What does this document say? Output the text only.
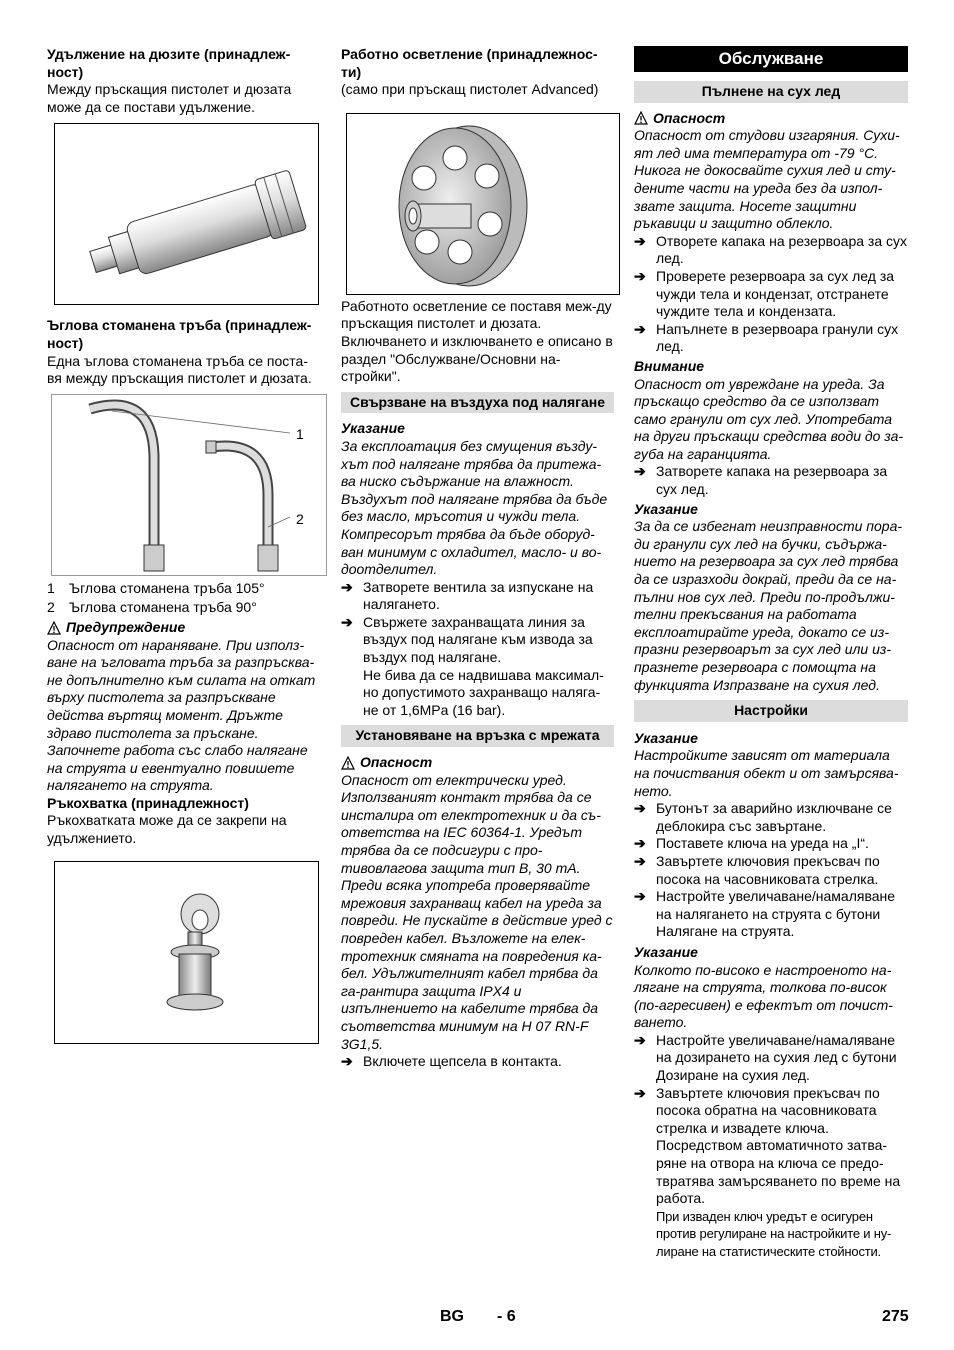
Удължение на дюзите (принадлеж-ност)

Между пръскащия пистолет и дюзата може да се постави удължение.

Ъглова стоманена тръба (принадлеж-ност)

Една ъглова стоманена тръба се поста-вя между пръскащия пистолет и дюзата.

1
2
1	Ъглова стоманена тръба 105°
2	Ъглова стоманена тръба 90°
Предупреждение

Опасност от нараняване. При използ-ване на ъгловата тръба за разпръсква-не допълнително към силата на откат върху пистолета за разпръскване действа въртящ момент. Дръжте здраво пистолета за пръскане. Започнете работа със слабо налягане на струята и евентуално повишете налягането на струята.

Ръкохватка (принадлежност)

Ръкохватката може да се закрепи на удължението.

Работно осветление (принадлежнос-ти)

(само при пръскащ пистолет Advanced)

Работното осветление се поставя меж-ду пръскащия пистолет и дюзата. Включването и изключването е описано в раздел "Обслужване/Основни на-стройки".

Свързване на въздуха под налягане

Указание

За експлоатация без смущения възду-хът под налягане трябва да притежа-ва ниско съдържание на влажност. Въздухът под налягане трябва да бъде без масло, мръсотия и чужди тела. Компресорът трябва да бъде оборуд-ван минимум с охладител, масло- и во-доотделител.

➔ Затворете вентила за изпускане на налягането.
➔ Свържете захранващата линия за въздух под налягане към извода за въздух под налягане.

Не бива да се надвишава максимал-но допустимото захранващо наляга-не от 1,6MPa (16 bar).

Установяване на връзка с мрежата

Опасност

Опасност от електрически уред. Използваният контакт трябва да се инсталира от електротехник и да съ-ответства на IEC 60364-1. Уредът трябва да се подсигури с про-тивовлагова защита тип B, 30 mA. Преди всяка употреба проверявайте мрежовия захранващ кабел на уреда за повреди. Не пускайте в действие уред с повреден кабел. Възложете на елек-тротехник смяната на повредения ка-бел. Удължителният кабел трябва да га-рантира защита IPX4 и изпълнението на кабелите трябва да съответства минимум на H 07 RN-F 3G1,5.

➔ Включете щепсела в контакта.
Обслужване

Пълнене на сух лед

Опасност

Опасност от студови изгаряния. Сухи-ят лед има температура от -79 °C. Никога не докосвайте сухия лед и сту-дените части на уреда без да изпол-звате защита. Носете защитни ръкавици и защитно облекло.

➔ Отворете капака на резервоара за сух лед.
➔ Проверете резервоара за сух лед за чужди тела и кондензат, отстранете чуждите тела и кондензата.
➔ Напълнете в резервоара гранули сух лед.
Внимание

Опасност от увреждане на уреда. За пръскащо средство да се използват само гранули от сух лед. Употребата на други пръскащи средства води до за-губа на гаранцията.

➔ Затворете капака на резервоара за сух лед.
Указание

За да се избегнат неизправности пора-ди гранули сух лед на бучки, съдържа-нието на резервоара за сух лед трябва да се изразходи докрай, преди да се на-пълни нов сух лед. Преди по-продължи-телни прекъсвания на работата експлоатирайте уреда, докато се из-празни резервоарът за сух лед или из-празнете резервоара с помощта на функцията Изпразване на сухия лед.

Настройки

Указание

Настройките зависят от материала на почиствания обект и от замърсява-нето.

➔ Бутонът за аварийно изключване се деблокира със завъртане.
➔ Поставете ключа на уреда на „I“.
➔ Завъртете ключовия прекъсвач по посока на часовниковата стрелка.
➔ Настройте увеличаване/намаляване на налягането на струята с бутони Налягане на струята.
Указание

Колкото по-високо е настроеното на-лягане на струята, толкова по-висок (по-агресивен) е ефектът от почист-ването.

➔ Настройте увеличаване/намаляване на дозирането на сухия лед с бутони Дозиране на сухия лед.
➔ Завъртете ключовия прекъсвач по посока обратна на часовниковата стрелка и извадете ключа.

Посредством автоматичното затва-ряне на отвора на ключа се предо-твратява замърсяването по време на работа.

При изваден ключ уредът е осигурен против регулиране на настройките и ну-лиране на статистическите стойности.

BG - 6	275
